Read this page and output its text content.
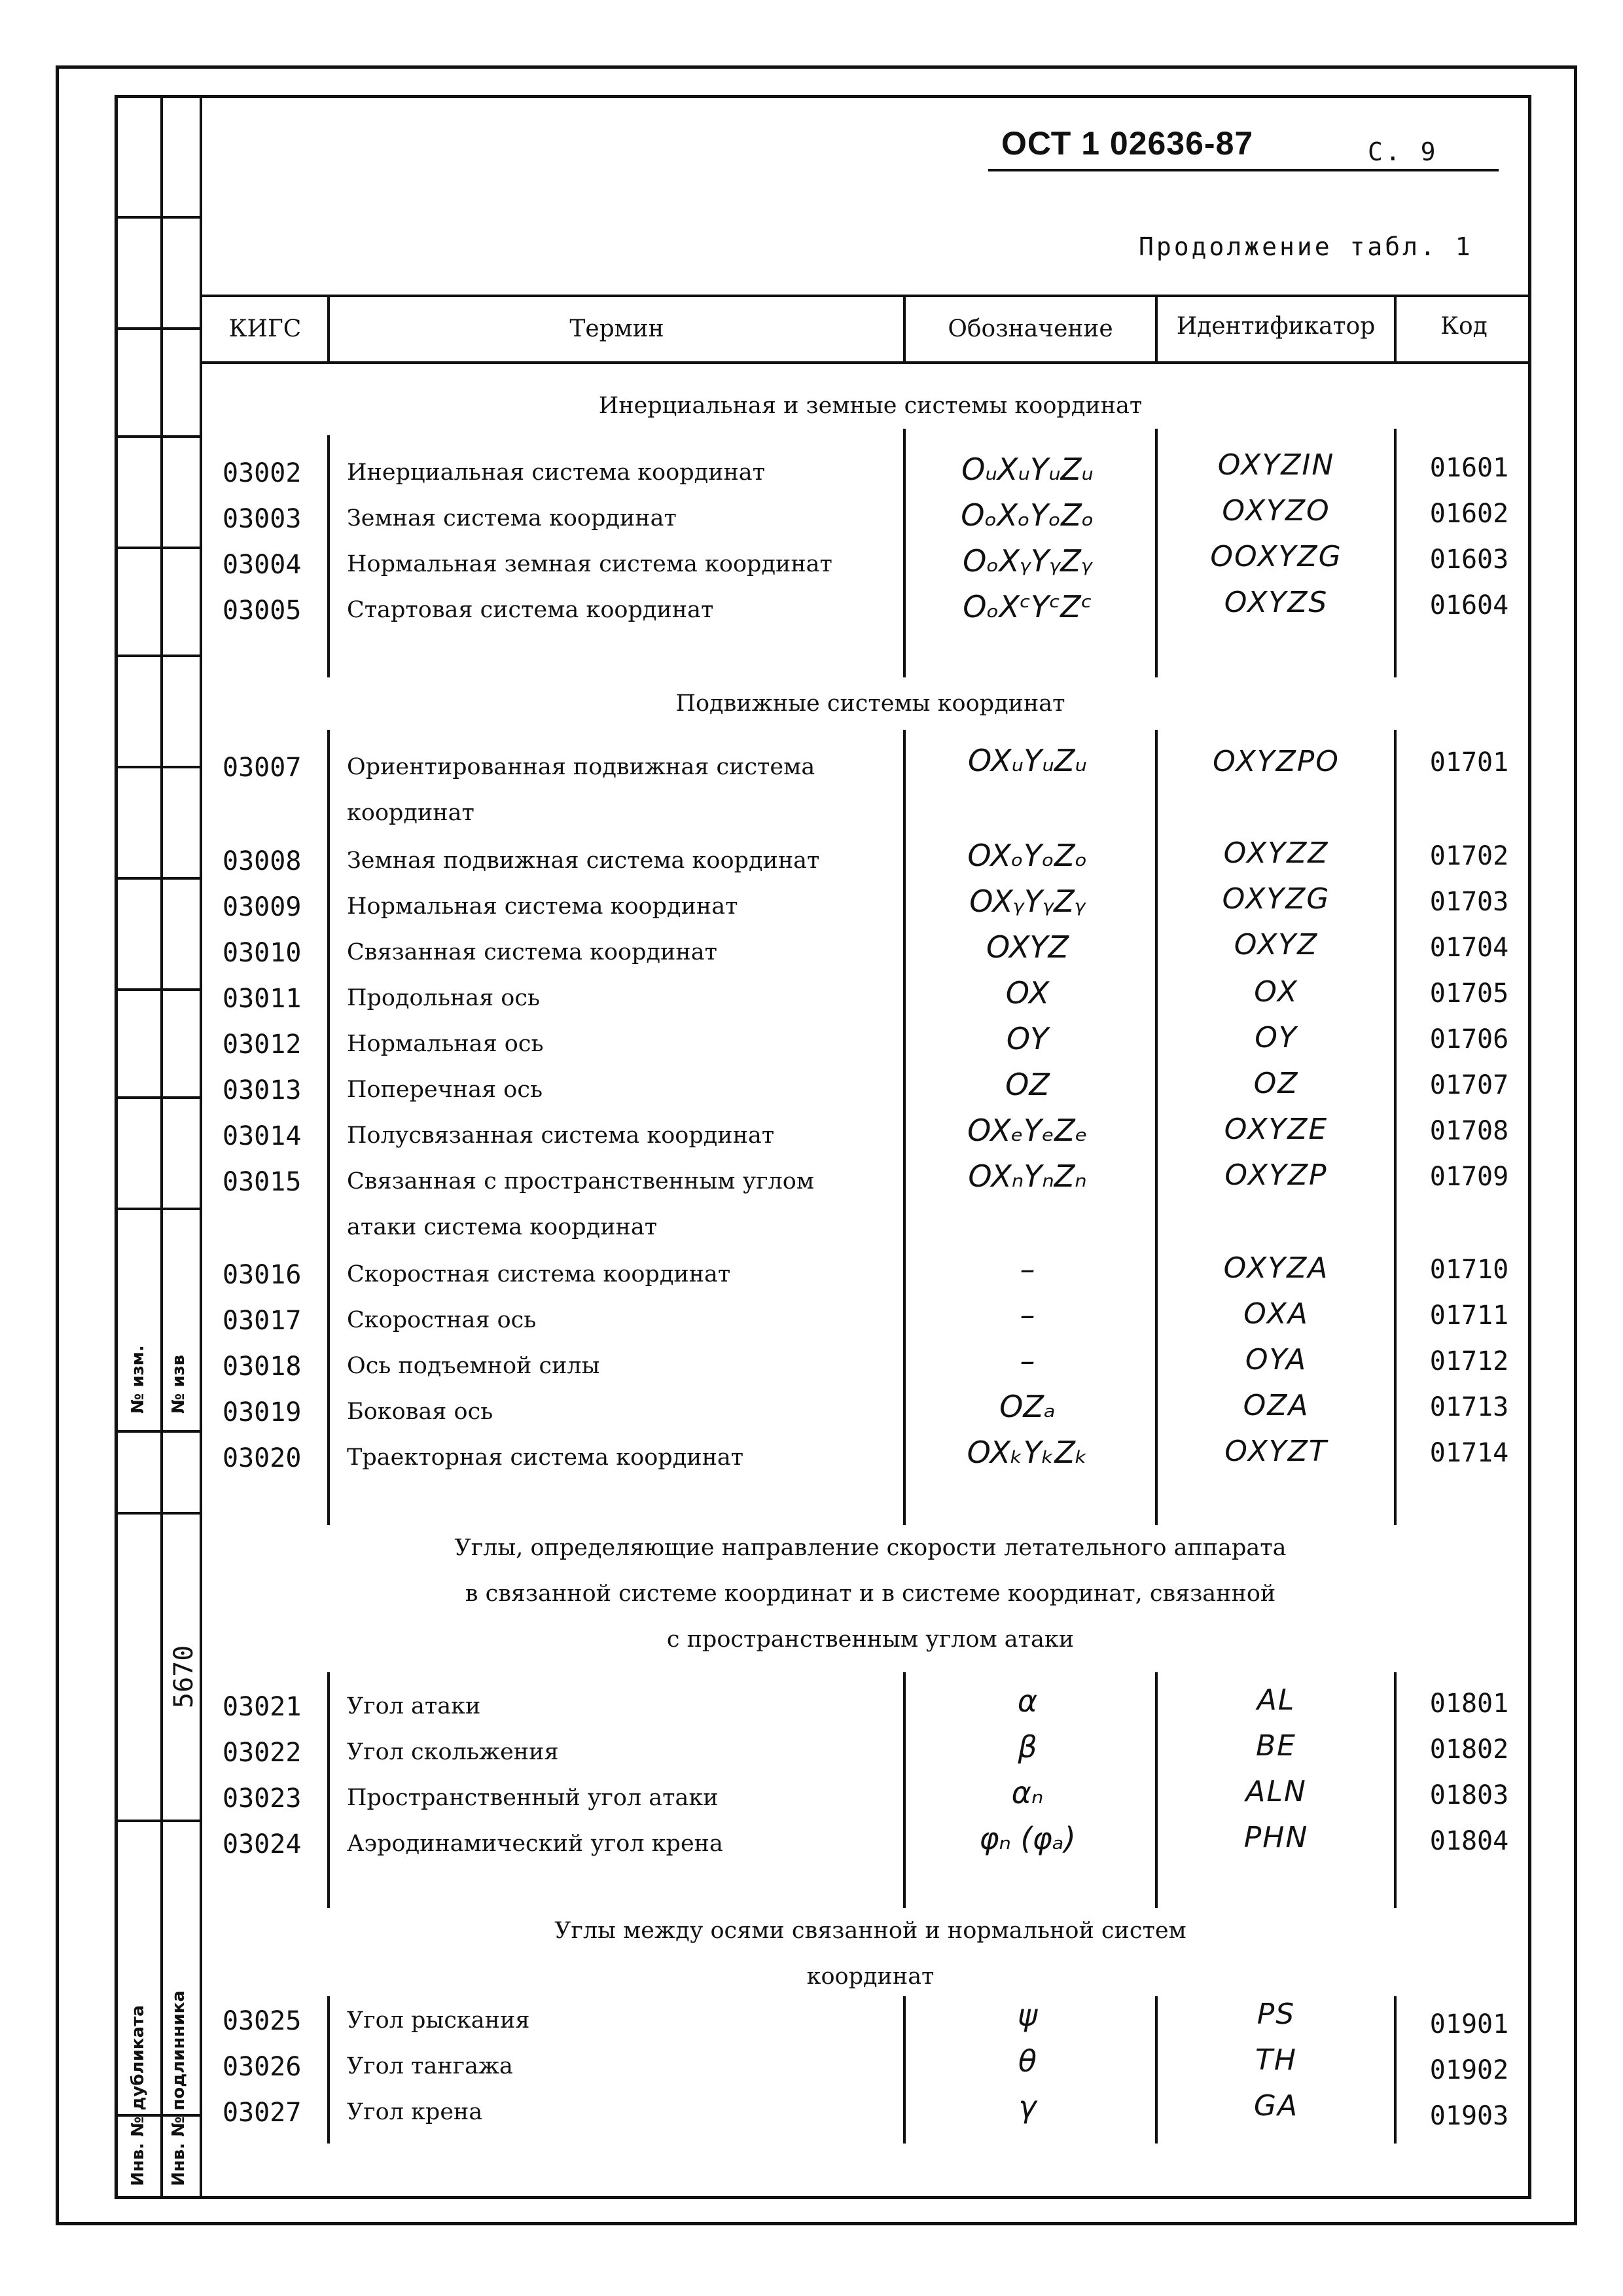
№ изм. № изв
5670
Инв. № дубликата Инв. № подлинника
ОСТ 1 02636-87	С. 9
Продолжение табл. 1
КИГС	Термин	Обозначение	Идентификатор	Код
Инерциальная и земные системы координат
03002 Инерциальная система координат	OᵤXᵤYᵤZᵤ	OXYZIN	01601
03003 Земная система координат	OₒXₒYₒZₒ	OXYZO	01602
03004 Нормальная земная система координат	OₒXᵧYᵧZᵧ	OOXYZG	01603
03005 Стартовая система координат	OₒXᶜYᶜZᶜ	OXYZS	01604
Подвижные системы координат
03007 Ориентированная подвижная система
координат
OXᵤYᵤZᵤ	OXYZPO	01701
03008 Земная подвижная система координат	OXₒYₒZₒ	OXYZZ	01702
03009 Нормальная система координат	OXᵧYᵧZᵧ	OXYZG	01703
03010 Связанная система координат	OXYZ	OXYZ	01704
03011 Продольная ось	OX	OX	01705
03012 Нормальная ось	OY	OY	01706
03013 Поперечная ось	OZ	OZ	01707
03014 Полусвязанная система координат	OXₑYₑZₑ	OXYZE	01708
03015 Связанная с пространственным углом
атаки система координат
OXₙYₙZₙ	OXYZP	01709
03016 Скоростная система координат	–	OXYZA	01710
03017 Скоростная ось	–	OXA	01711
03018 Ось подъемной силы	–	OYA	01712
03019 Боковая ось	OZₐ	OZA	01713
03020 Траекторная система координат	OXₖYₖZₖ	OXYZT	01714
Углы, определяющие направление скорости летательного аппарата
в связанной системе координат и в системе координат, связанной
с пространственным углом атаки
03021 Угол атаки	α	AL	01801
03022 Угол скольжения	β	BE	01802
03023 Пространственный угол атаки	αₙ	ALN	01803
03024 Аэродинамический угол крена	φₙ (φₐ)	PHN	01804
Углы между осями связанной и нормальной систем
координат
03025 Угол рыскания	ψ	PS	01901
03026 Угол тангажа	θ	TH	01902
03027 Угол крена	γ	GA	01903
